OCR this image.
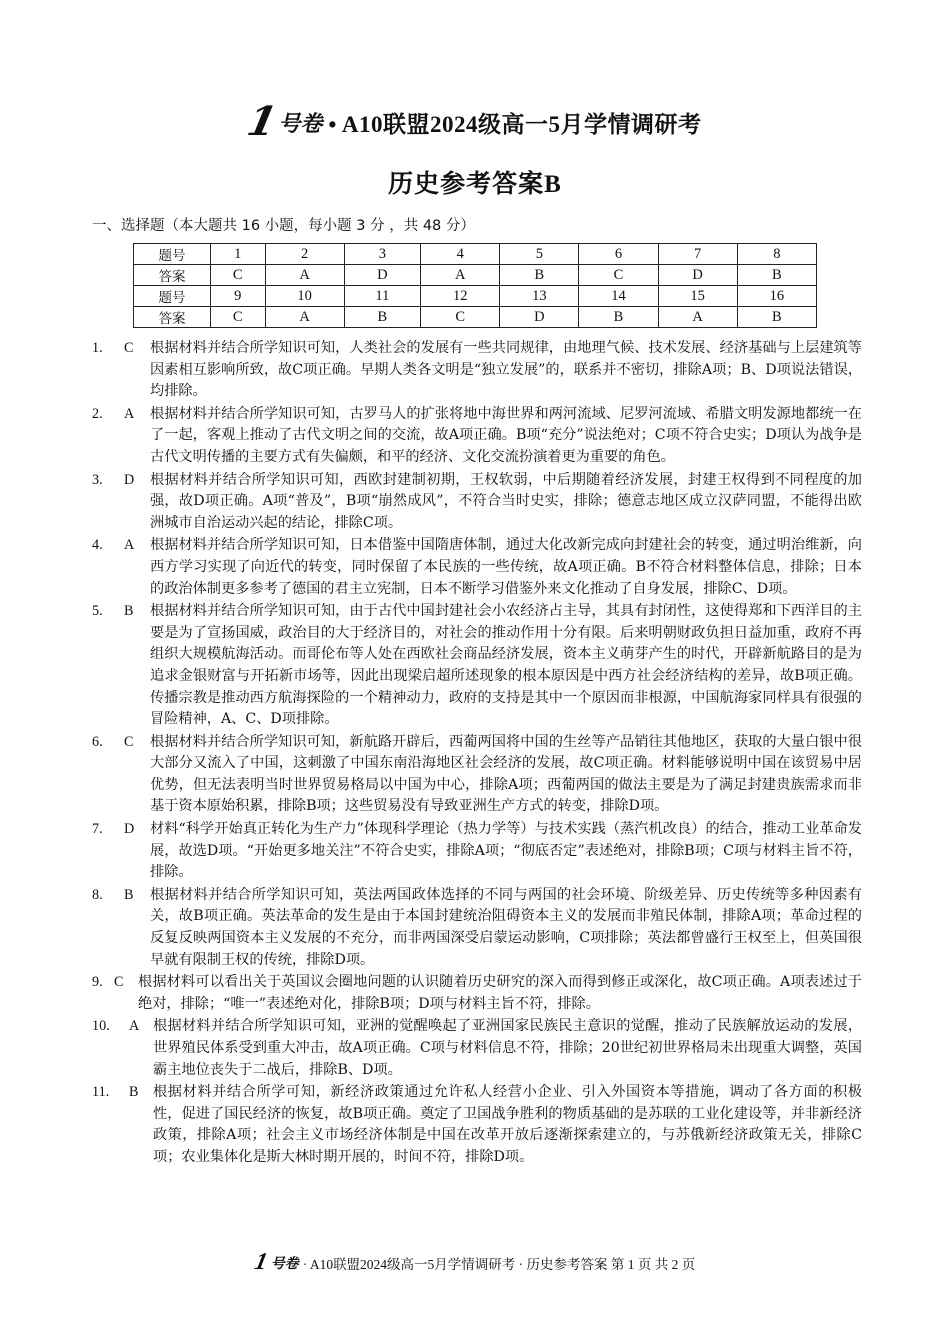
1
号卷 • A10联盟2024级高一5月学情调研考
历史参考答案B
一、选择题（本大题共 16 小题，每小题 3 分 ，共 48 分）
题号	1	2	3	4	5	6	7	8
答案	C	A	D	A	B	C	D	B
题号	9	10	11	12	13	14	15	16
答案	C	A	B	C	D	B	A	B
1.	C	根据材料并结合所学知识可知，人类社会的发展有一些共同规律，由地理气候、技术发展、经济基础与上层建筑等因素相互影响所致，故C项正确。早期人类各文明是“独立发展”的，联系并不密切，排除A项；B、D项说法错误，均排除。
2.	A	根据材料并结合所学知识可知，古罗马人的扩张将地中海世界和两河流域、尼罗河流域、希腊文明发源地都统一在了一起，客观上推动了古代文明之间的交流，故A项正确。B项“充分”说法绝对；C项不符合史实；D项认为战争是古代文明传播的主要方式有失偏颇，和平的经济、文化交流扮演着更为重要的角色。
3.	D	根据材料并结合所学知识可知，西欧封建制初期，王权软弱，中后期随着经济发展，封建王权得到不同程度的加强，故D项正确。A项“普及”，B项“崩然成风”，不符合当时史实，排除；德意志地区成立汉萨同盟，不能得出欧洲城市自治运动兴起的结论，排除C项。
4.	A	根据材料并结合所学知识可知，日本借鉴中国隋唐体制，通过大化改新完成向封建社会的转变，通过明治维新，向西方学习实现了向近代的转变，同时保留了本民族的一些传统，故A项正确。B不符合材料整体信息，排除；日本的政治体制更多参考了德国的君主立宪制，日本不断学习借鉴外来文化推动了自身发展，排除C、D项。
5.	B	根据材料并结合所学知识可知，由于古代中国封建社会小农经济占主导，其具有封闭性，这使得郑和下西洋目的主要是为了宣扬国威，政治目的大于经济目的，对社会的推动作用十分有限。后来明朝财政负担日益加重，政府不再组织大规模航海活动。而哥伦布等人处在西欧社会商品经济发展，资本主义萌芽产生的时代，开辟新航路目的是为追求金银财富与开拓新市场等，因此出现梁启超所述现象的根本原因是中西方社会经济结构的差异，故B项正确。传播宗教是推动西方航海探险的一个精神动力，政府的支持是其中一个原因而非根源，中国航海家同样具有很强的冒险精神，A、C、D项排除。
6.	C	根据材料并结合所学知识可知，新航路开辟后，西葡两国将中国的生丝等产品销往其他地区，获取的大量白银中很大部分又流入了中国，这刺激了中国东南沿海地区社会经济的发展，故C项正确。材料能够说明中国在该贸易中居优势，但无法表明当时世界贸易格局以中国为中心，排除A项；西葡两国的做法主要是为了满足封建贵族需求而非基于资本原始积累，排除B项；这些贸易没有导致亚洲生产方式的转变，排除D项。
7.	D	材料“科学开始真正转化为生产力”体现科学理论（热力学等）与技术实践（蒸汽机改良）的结合，推动工业革命发展，故选D项。“开始更多地关注”不符合史实，排除A项；“彻底否定”表述绝对，排除B项；C项与材料主旨不符，排除。
8.	B	根据材料并结合所学知识可知，英法两国政体选择的不同与两国的社会环境、阶级差异、历史传统等多种因素有关，故B项正确。英法革命的发生是由于本国封建统治阻碍资本主义的发展而非殖民体制，排除A项；革命过程的反复反映两国资本主义发展的不充分，而非两国深受启蒙运动影响，C项排除；英法都曾盛行王权至上，但英国很早就有限制王权的传统，排除D项。
9. C	根据材料可以看出关于英国议会圈地问题的认识随着历史研究的深入而得到修正或深化，故C项正确。A项表述过于绝对，排除；“唯一”表述绝对化，排除B项；D项与材料主旨不符，排除。
10.	A 根据材料并结合所学知识可知，亚洲的觉醒唤起了亚洲国家民族民主意识的觉醒，推动了民族解放运动的发展，世界殖民体系受到重大冲击，故A项正确。C项与材料信息不符，排除；20世纪初世界格局未出现重大调整，英国霸主地位丧失于二战后，排除B、D项。
11.	B	根据材料并结合所学可知，新经济政策通过允许私人经营小企业、引入外国资本等措施，调动了各方面的积极性，促进了国民经济的恢复，故B项正确。奠定了卫国战争胜利的物质基础的是苏联的工业化建设等，并非新经济政策，排除A项；社会主义市场经济体制是中国在改革开放后逐渐探索建立的，与苏俄新经济政策无关，排除C项；农业集体化是斯大林时期开展的，时间不符，排除D项。
1 号卷 · A10联盟2024级高一5月学情调研考 · 历史参考答案 第 1 页 共 2 页
